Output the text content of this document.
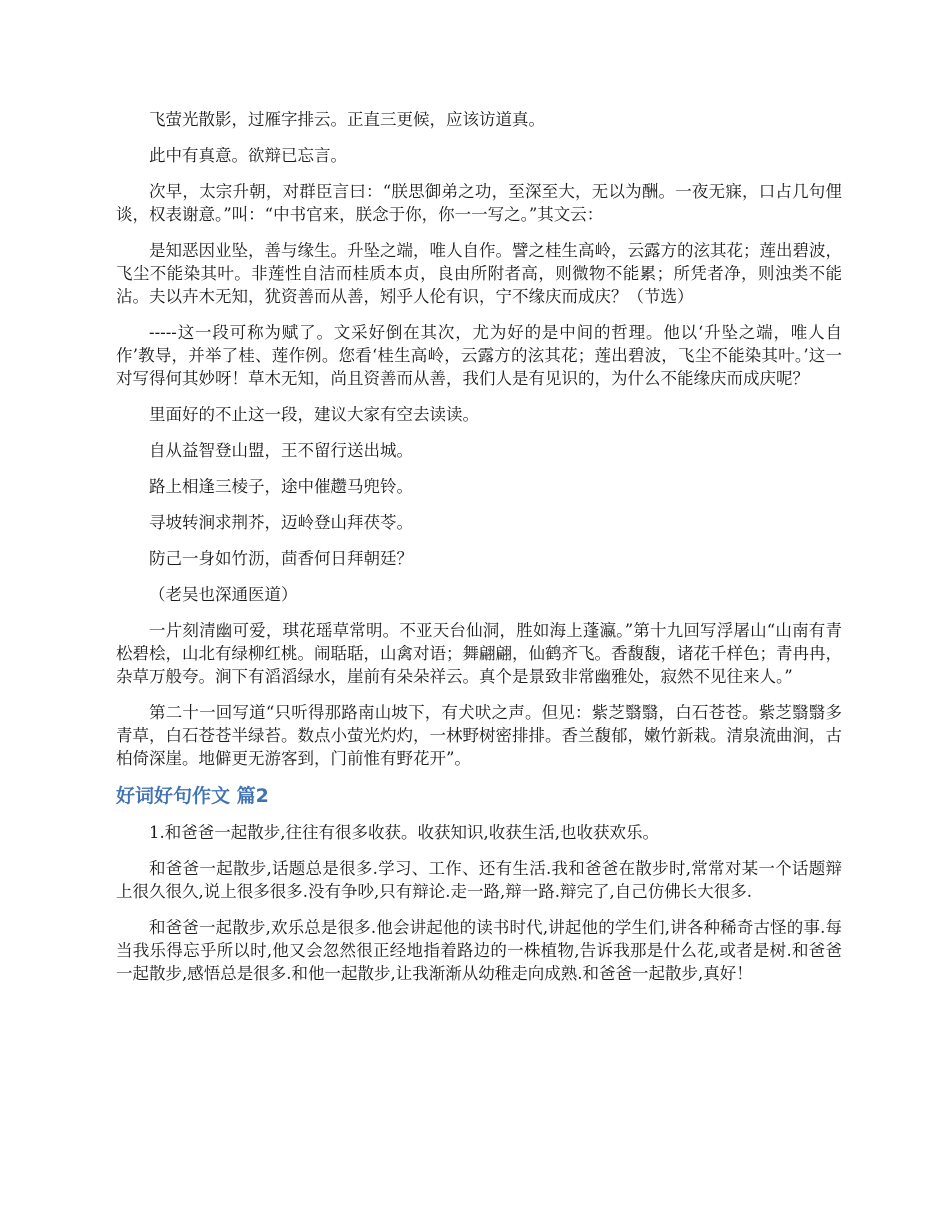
飞萤光散影，过雁字排云。正直三更候，应该访道真。

此中有真意。欲辩已忘言。

次早，太宗升朝，对群臣言曰：“朕思御弟之功，至深至大，无以为酬。一夜无寐，口占几句俚谈，权表谢意。”叫：“中书官来，朕念于你，你一一写之。”其文云：

是知恶因业坠，善与缘生。升坠之端，唯人自作。譬之桂生高岭，云露方的泫其花；莲出碧波，飞尘不能染其叶。非莲性自洁而桂质本贞，良由所附者高，则微物不能累；所凭者净，则浊类不能沾。夫以卉木无知，犹资善而从善，矧乎人伦有识，宁不缘庆而成庆？（节选）

-----这一段可称为赋了。文采好倒在其次，尤为好的是中间的哲理。他以‘升坠之端，唯人自作’教导，并举了桂、莲作例。您看‘桂生高岭，云露方的泫其花；莲出碧波，飞尘不能染其叶。’这一对写得何其妙呀！草木无知，尚且资善而从善，我们人是有见识的，为什么不能缘庆而成庆呢？

里面好的不止这一段，建议大家有空去读读。

自从益智登山盟，王不留行送出城。

路上相逢三棱子，途中催趱马兜铃。

寻坡转涧求荆芥，迈岭登山拜茯苓。

防己一身如竹沥，茴香何日拜朝廷？

（老吴也深通医道）

一片刻清幽可爱，琪花瑶草常明。不亚天台仙洞，胜如海上蓬瀛。”第十九回写浮屠山“山南有青松碧桧，山北有绿柳红桃。闹聒聒，山禽对语；舞翩翩，仙鹤齐飞。香馥馥，诸花千样色；青冉冉，杂草万般夸。涧下有滔滔绿水，崖前有朵朵祥云。真个是景致非常幽雅处，寂然不见往来人。”

第二十一回写道“只听得那路南山坡下，有犬吠之声。但见：紫芝翳翳，白石苍苍。紫芝翳翳多青草，白石苍苍半绿苔。数点小萤光灼灼，一林野树密排排。香兰馥郁，嫩竹新栽。清泉流曲涧，古柏倚深崖。地僻更无游客到，门前惟有野花开”。

好词好句作文 篇2

1.和爸爸一起散步,往往有很多收获。收获知识,收获生活,也收获欢乐。

和爸爸一起散步,话题总是很多.学习、工作、还有生活.我和爸爸在散步时,常常对某一个话题辩上很久很久,说上很多很多.没有争吵,只有辩论.走一路,辩一路.辩完了,自己仿佛长大很多.

和爸爸一起散步,欢乐总是很多.他会讲起他的读书时代,讲起他的学生们,讲各种稀奇古怪的事.每当我乐得忘乎所以时,他又会忽然很正经地指着路边的一株植物,告诉我那是什么花,或者是树.和爸爸一起散步,感悟总是很多.和他一起散步,让我渐渐从幼稚走向成熟.和爸爸一起散步,真好！
